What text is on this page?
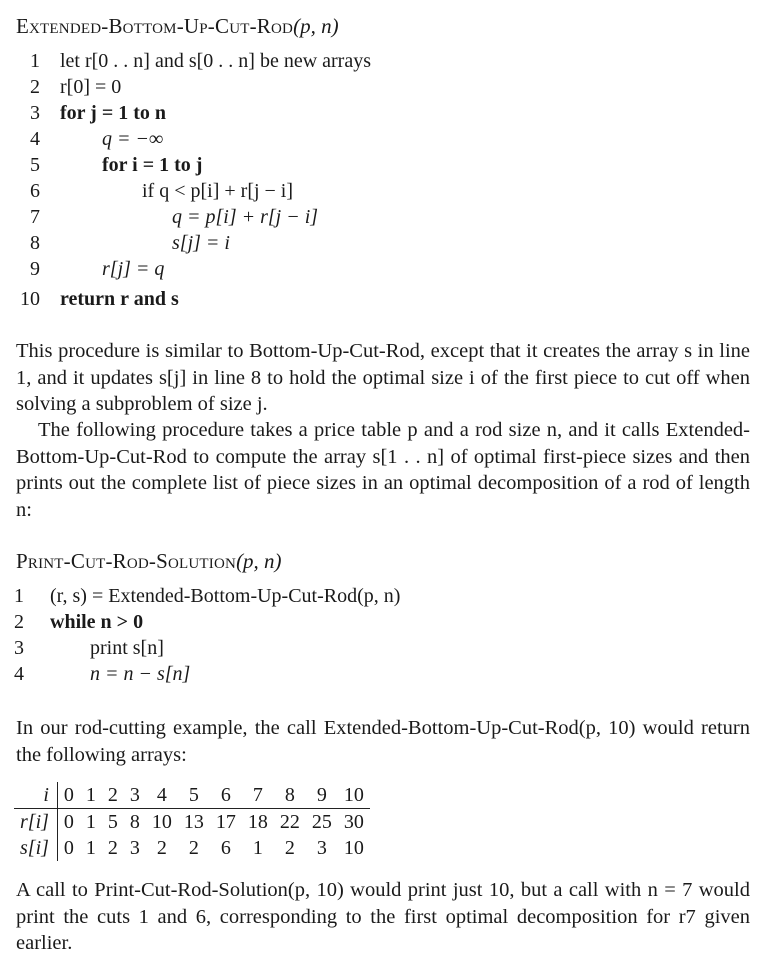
Extended-Bottom-Up-Cut-Rod(p, n)
1 let r[0 . . n] and s[0 . . n] be new arrays
2 r[0] = 0
3 for j = 1 to n
4	q = −∞
5	for i = 1 to j
6	if q < p[i] + r[j − i]
7	q = p[i] + r[j − i]
8	s[j] = i
9	r[j] = q
10 return r and s
This procedure is similar to Bottom-Up-Cut-Rod, except that it creates the array s in line 1, and it updates s[j] in line 8 to hold the optimal size i of the first piece to cut off when solving a subproblem of size j.
The following procedure takes a price table p and a rod size n, and it calls Extended-Bottom-Up-Cut-Rod to compute the array s[1 . . n] of optimal first-piece sizes and then prints out the complete list of piece sizes in an optimal decomposition of a rod of length n:
Print-Cut-Rod-Solution(p, n)
1 (r, s) = Extended-Bottom-Up-Cut-Rod(p, n)
2 while n > 0
3	print s[n]
4	n = n − s[n]
In our rod-cutting example, the call Extended-Bottom-Up-Cut-Rod(p, 10) would return the following arrays:
i	0	1	2	3	4	5	6	7	8	9	10
r[i]	0	1	5	8	10	13	17	18	22	25	30
s[i]	0	1	2	3	2	2	6	1	2	3	10
A call to Print-Cut-Rod-Solution(p, 10) would print just 10, but a call with n = 7 would print the cuts 1 and 6, corresponding to the first optimal decomposition for r7 given earlier.
